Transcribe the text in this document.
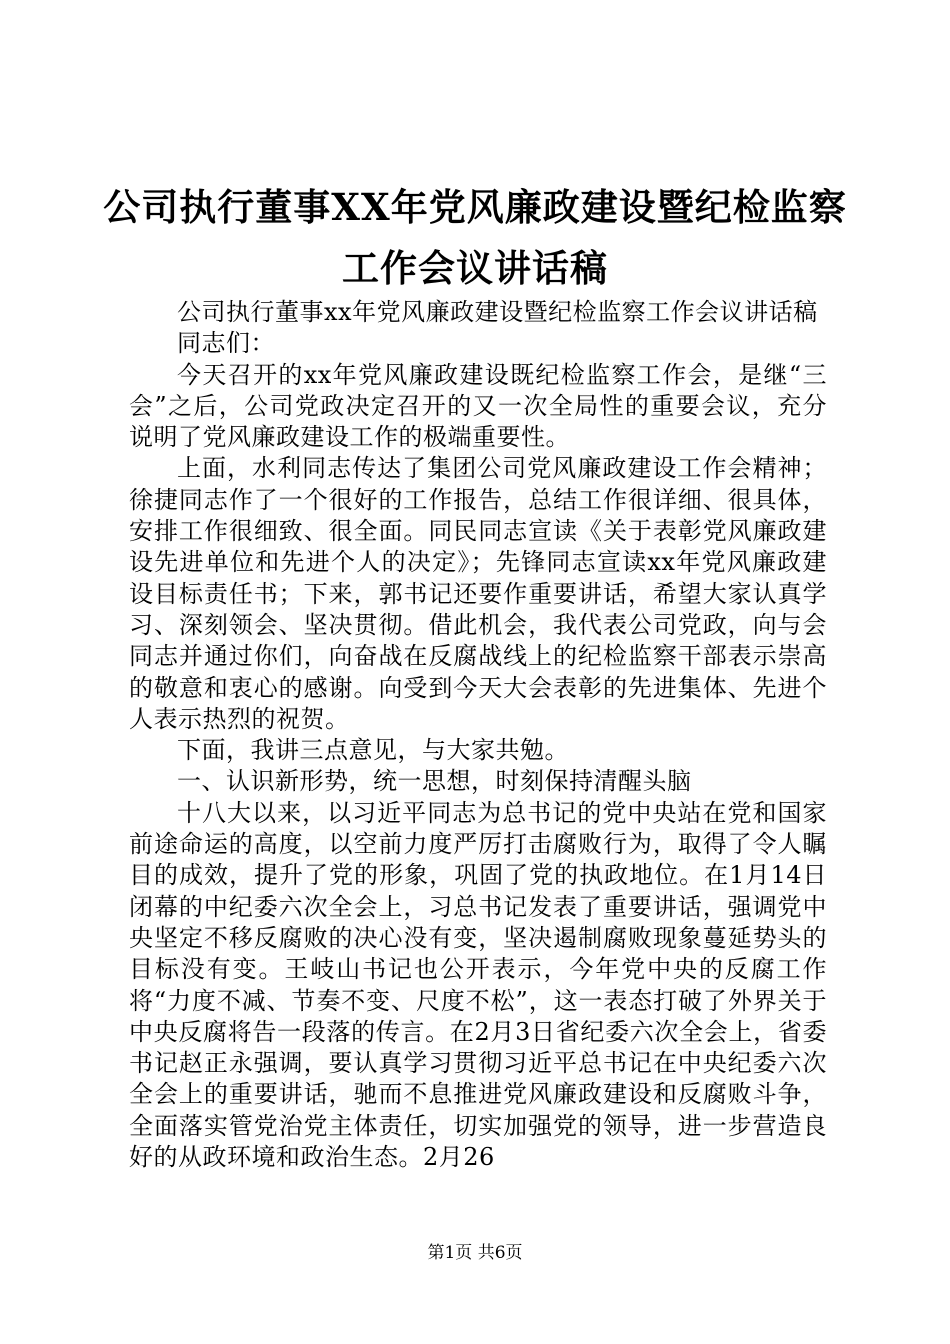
公司执行董事XX年党风廉政建设暨纪检监察
工作会议讲话稿

公司执行董事xx年党风廉政建设暨纪检监察工作会议讲话稿

同志们：

今天召开的xx年党风廉政建设既纪检监察工作会，是继“三会”之后，公司党政决定召开的又一次全局性的重要会议，充分说明了党风廉政建设工作的极端重要性。

上面，水利同志传达了集团公司党风廉政建设工作会精神；徐捷同志作了一个很好的工作报告，总结工作很详细、很具体，安排工作很细致、很全面。同民同志宣读《关于表彰党风廉政建设先进单位和先进个人的决定》；先锋同志宣读xx年党风廉政建设目标责任书；下来，郭书记还要作重要讲话，希望大家认真学习、深刻领会、坚决贯彻。借此机会，我代表公司党政，向与会同志并通过你们，向奋战在反腐战线上的纪检监察干部表示崇高的敬意和衷心的感谢。向受到今天大会表彰的先进集体、先进个人表示热烈的祝贺。

下面，我讲三点意见，与大家共勉。

一、认识新形势，统一思想，时刻保持清醒头脑

十八大以来，以习近平同志为总书记的党中央站在党和国家前途命运的高度，以空前力度严厉打击腐败行为，取得了令人瞩目的成效，提升了党的形象，巩固了党的执政地位。在1月14日闭幕的中纪委六次全会上，习总书记发表了重要讲话，强调党中央坚定不移反腐败的决心没有变，坚决遏制腐败现象蔓延势头的目标没有变。王岐山书记也公开表示，今年党中央的反腐工作将“力度不减、节奏不变、尺度不松”，这一表态打破了外界关于中央反腐将告一段落的传言。在2月3日省纪委六次全会上，省委书记赵正永强调，要认真学习贯彻习近平总书记在中央纪委六次全会上的重要讲话，驰而不息推进党风廉政建设和反腐败斗争，全面落实管党治党主体责任，切实加强党的领导，进一步营造良好的从政环境和政治生态。2月26

第1页 共6页
